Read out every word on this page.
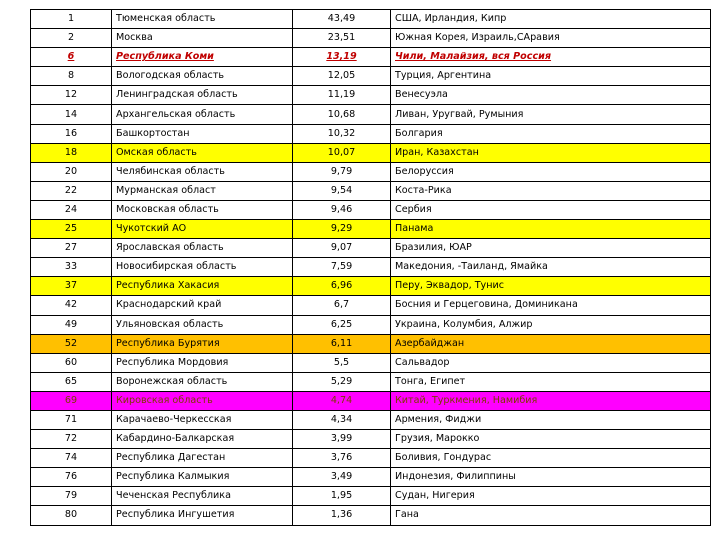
1	Тюменская область	43,49	США, Ирландия, Кипр
2	Москва	23,51	Южная Корея, Израиль,САравия
6	Республика Коми	13,19	Чили, Малайзия, вся Россия
8	Вологодская область	12,05	Турция, Аргентина
12	Ленинградская область	11,19	Венесуэла
14	Архангельская область	10,68	Ливан, Уругвай, Румыния
16	Башкортостан	10,32	Болгария
18	Омская область	10,07	Иран, Казахстан
20	Челябинская область	9,79	Белоруссия
22	Мурманская област	9,54	Коста-Рика
24	Московская область	9,46	Сербия
25	Чукотский АО	9,29	Панама
27	Ярославская область	9,07	Бразилия, ЮАР
33	Новосибирская область	7,59	Македония, -Таиланд, Ямайка
37	Республика Хакасия	6,96	Перу, Эквадор, Тунис
42	Краснодарский край	6,7	Босния и Герцеговина, Доминикана
49	Ульяновская область	6,25	Украина, Колумбия, Алжир
52	Республика Бурятия	6,11	Азербайджан
60	Республика Мордовия	5,5	Сальвадор
65	Воронежская область	5,29	Тонга, Египет
69	Кировская область	4,74	Китай, Туркмения, Намибия
71	Карачаево-Черкесская	4,34	Армения, Фиджи
72	Кабардино-Балкарская	3,99	Грузия, Марокко
74	Республика Дагестан	3,76	Боливия, Гондурас
76	Республика Калмыкия	3,49	Индонезия, Филиппины
79	Чеченская Республика	1,95	Судан, Нигерия
80	Республика Ингушетия	1,36	Гана
